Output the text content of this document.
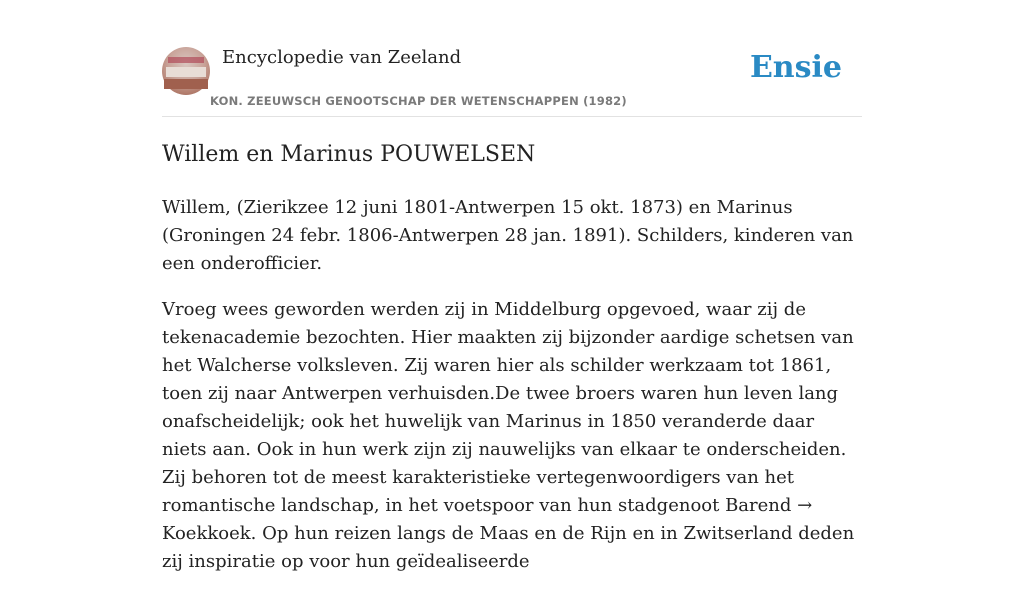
Encyclopedie van Zeeland
KON. ZEEUWSCH GENOOTSCHAP DER WETENSCHAPPEN (1982)
Ensie
Willem en Marinus POUWELSEN

Willem, (Zierikzee 12 juni 1801-Antwerpen 15 okt. 1873) en Marinus (Groningen 24 febr. 1806-Antwerpen 28 jan. 1891). Schilders, kinderen van een onderofficier.

Vroeg wees geworden werden zij in Middelburg opgevoed, waar zij de tekenacademie bezochten. Hier maakten zij bijzonder aardige schetsen van het Walcherse volksleven. Zij waren hier als schilder werkzaam tot 1861, toen zij naar Antwerpen verhuisden.De twee broers waren hun leven lang onafscheidelijk; ook het huwelijk van Marinus in 1850 veranderde daar niets aan. Ook in hun werk zijn zij nauwelijks van elkaar te onderscheiden. Zij behoren tot de meest karakteristieke vertegenwoordigers van het romantische landschap, in het voetspoor van hun stadgenoot Barend → Koekkoek. Op hun reizen langs de Maas en de Rijn en in Zwitserland deden zij inspiratie op voor hun geïdealiseerde
